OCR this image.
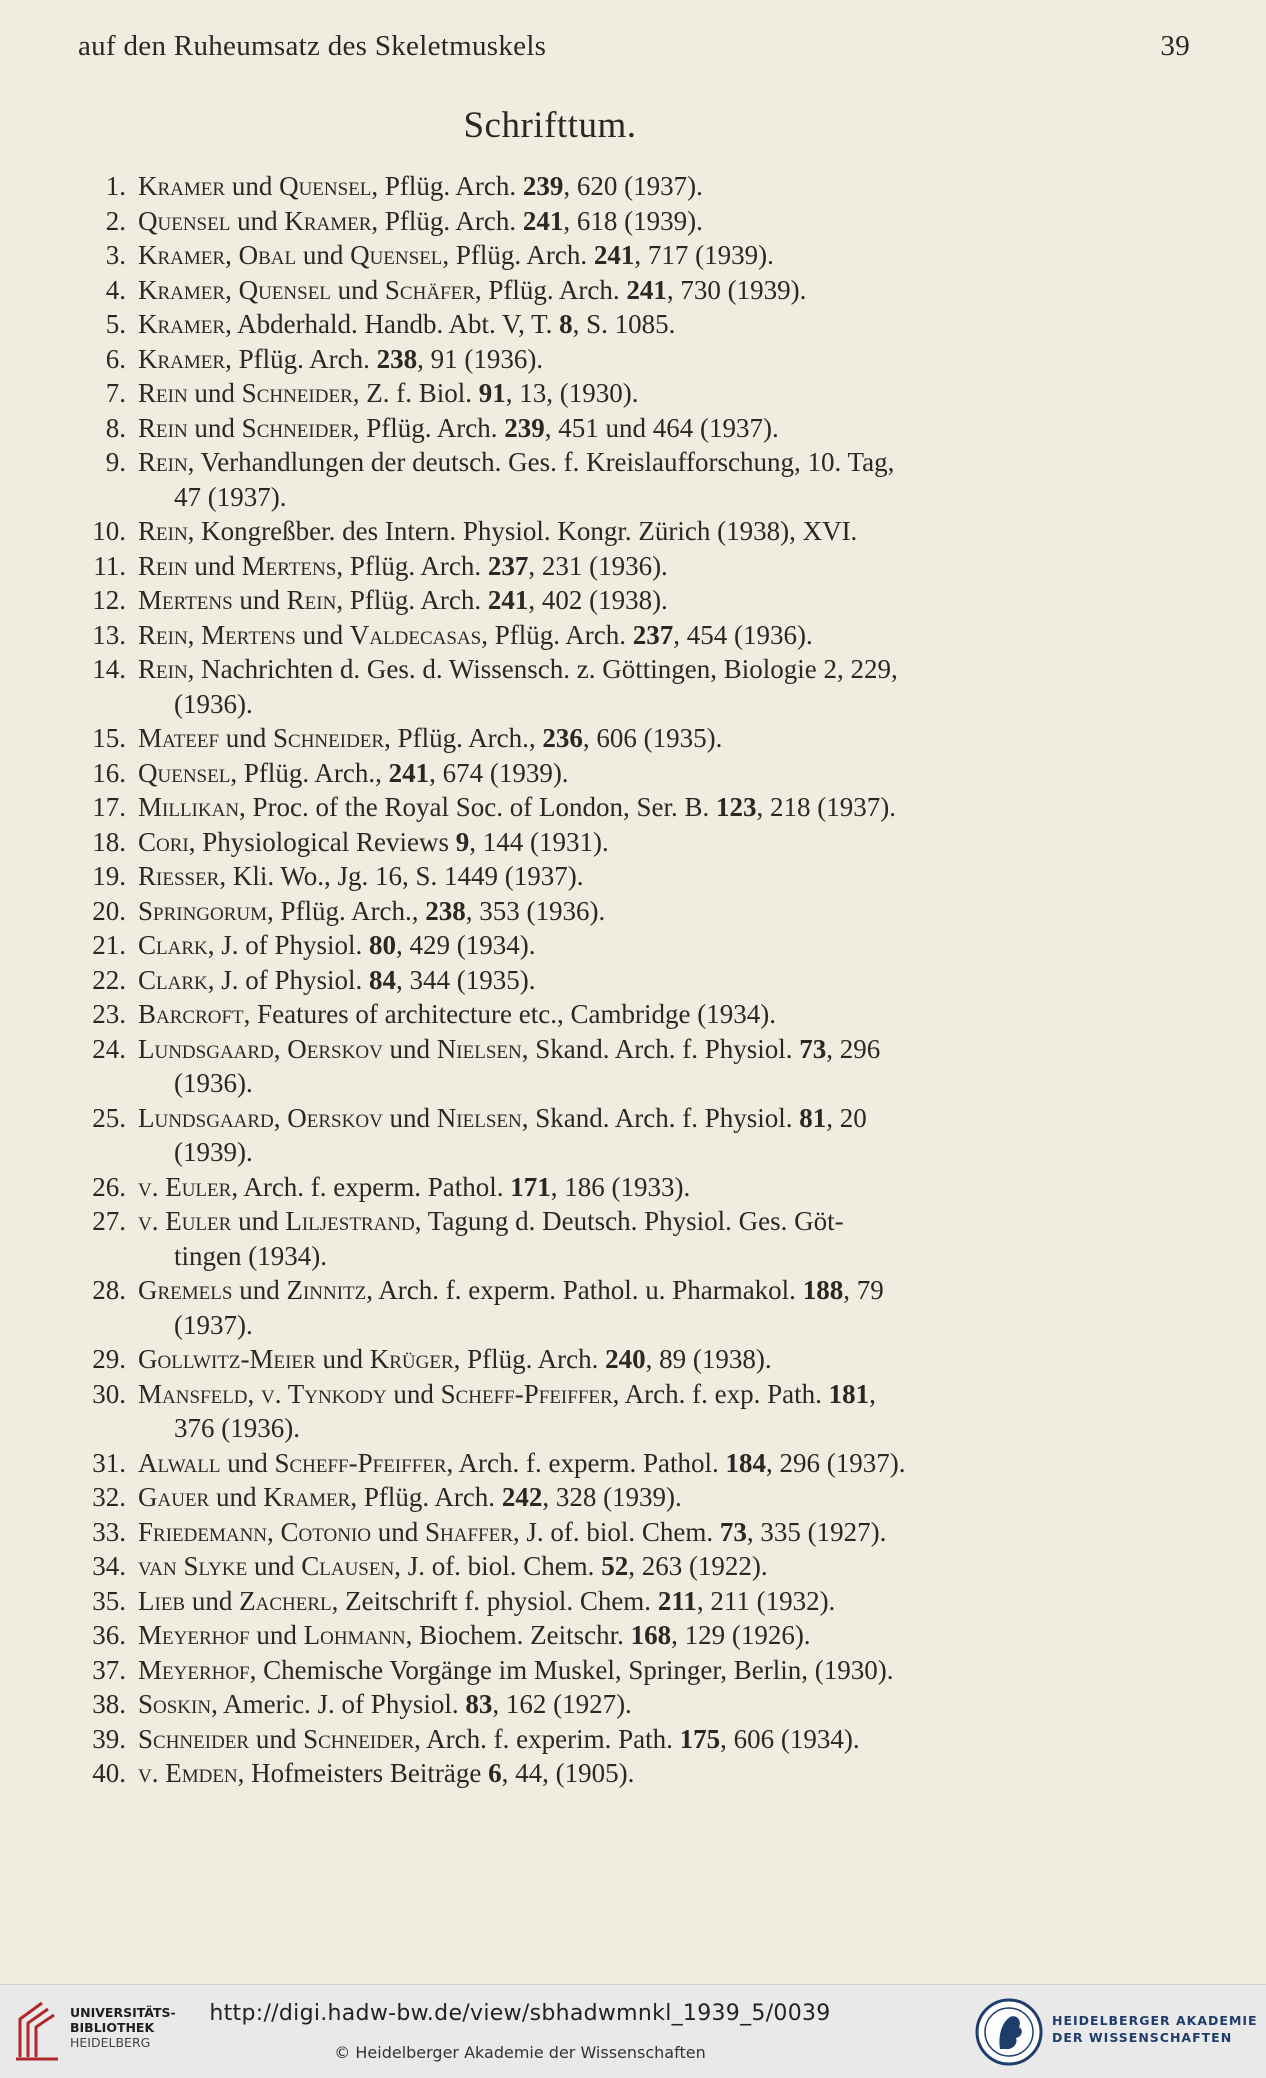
auf den Ruheumsatz des Skeletmuskels	39
Schrifttum.
1. Kramer und Quensel, Pflüg. Arch. 239, 620 (1937).
2. Quensel und Kramer, Pflüg. Arch. 241, 618 (1939).
3. Kramer, Obal und Quensel, Pflüg. Arch. 241, 717 (1939).
4. Kramer, Quensel und Schäfer, Pflüg. Arch. 241, 730 (1939).
5. Kramer, Abderhald. Handb. Abt. V, T. 8, S. 1085.
6. Kramer, Pflüg. Arch. 238, 91 (1936).
7. Rein und Schneider, Z. f. Biol. 91, 13, (1930).
8. Rein und Schneider, Pflüg. Arch. 239, 451 und 464 (1937).
9. Rein, Verhandlungen der deutsch. Ges. f. Kreislaufforschung, 10. Tag,
47 (1937).
10. Rein, Kongreßber. des Intern. Physiol. Kongr. Zürich (1938), XVI.
11. Rein und Mertens, Pflüg. Arch. 237, 231 (1936).
12. Mertens und Rein, Pflüg. Arch. 241, 402 (1938).
13. Rein, Mertens und Valdecasas, Pflüg. Arch. 237, 454 (1936).
14. Rein, Nachrichten d. Ges. d. Wissensch. z. Göttingen, Biologie 2, 229,
(1936).
15. Mateef und Schneider, Pflüg. Arch., 236, 606 (1935).
16. Quensel, Pflüg. Arch., 241, 674 (1939).
17. Millikan, Proc. of the Royal Soc. of London, Ser. B. 123, 218 (1937).
18. Cori, Physiological Reviews 9, 144 (1931).
19. Riesser, Kli. Wo., Jg. 16, S. 1449 (1937).
20. Springorum, Pflüg. Arch., 238, 353 (1936).
21. Clark, J. of Physiol. 80, 429 (1934).
22. Clark, J. of Physiol. 84, 344 (1935).
23. Barcroft, Features of architecture etc., Cambridge (1934).
24. Lundsgaard, Oerskov und Nielsen, Skand. Arch. f. Physiol. 73, 296
(1936).
25. Lundsgaard, Oerskov und Nielsen, Skand. Arch. f. Physiol. 81, 20
(1939).
26. v. Euler, Arch. f. experm. Pathol. 171, 186 (1933).
27. v. Euler und Liljestrand, Tagung d. Deutsch. Physiol. Ges. Göt-
tingen (1934).
28. Gremels und Zinnitz, Arch. f. experm. Pathol. u. Pharmakol. 188, 79
(1937).
29. Gollwitz-Meier und Krüger, Pflüg. Arch. 240, 89 (1938).
30. Mansfeld, v. Tynkody und Scheff-Pfeiffer, Arch. f. exp. Path. 181,
376 (1936).
31. Alwall und Scheff-Pfeiffer, Arch. f. experm. Pathol. 184, 296 (1937).
32. Gauer und Kramer, Pflüg. Arch. 242, 328 (1939).
33. Friedemann, Cotonio und Shaffer, J. of. biol. Chem. 73, 335 (1927).
34. van Slyke und Clausen, J. of. biol. Chem. 52, 263 (1922).
35. Lieb und Zacherl, Zeitschrift f. physiol. Chem. 211, 211 (1932).
36. Meyerhof und Lohmann, Biochem. Zeitschr. 168, 129 (1926).
37. Meyerhof, Chemische Vorgänge im Muskel, Springer, Berlin, (1930).
38. Soskin, Americ. J. of Physiol. 83, 162 (1927).
39. Schneider und Schneider, Arch. f. experim. Path. 175, 606 (1934).
40. v. Emden, Hofmeisters Beiträge 6, 44, (1905).
UNIVERSITÄTS-
BIBLIOTHEK
HEIDELBERG
http://digi.hadw-bw.de/view/sbhadwmnkl_1939_5/0039
© Heidelberger Akademie der Wissenschaften
HEIDELBERGER AKADEMIE
DER WISSENSCHAFTEN
